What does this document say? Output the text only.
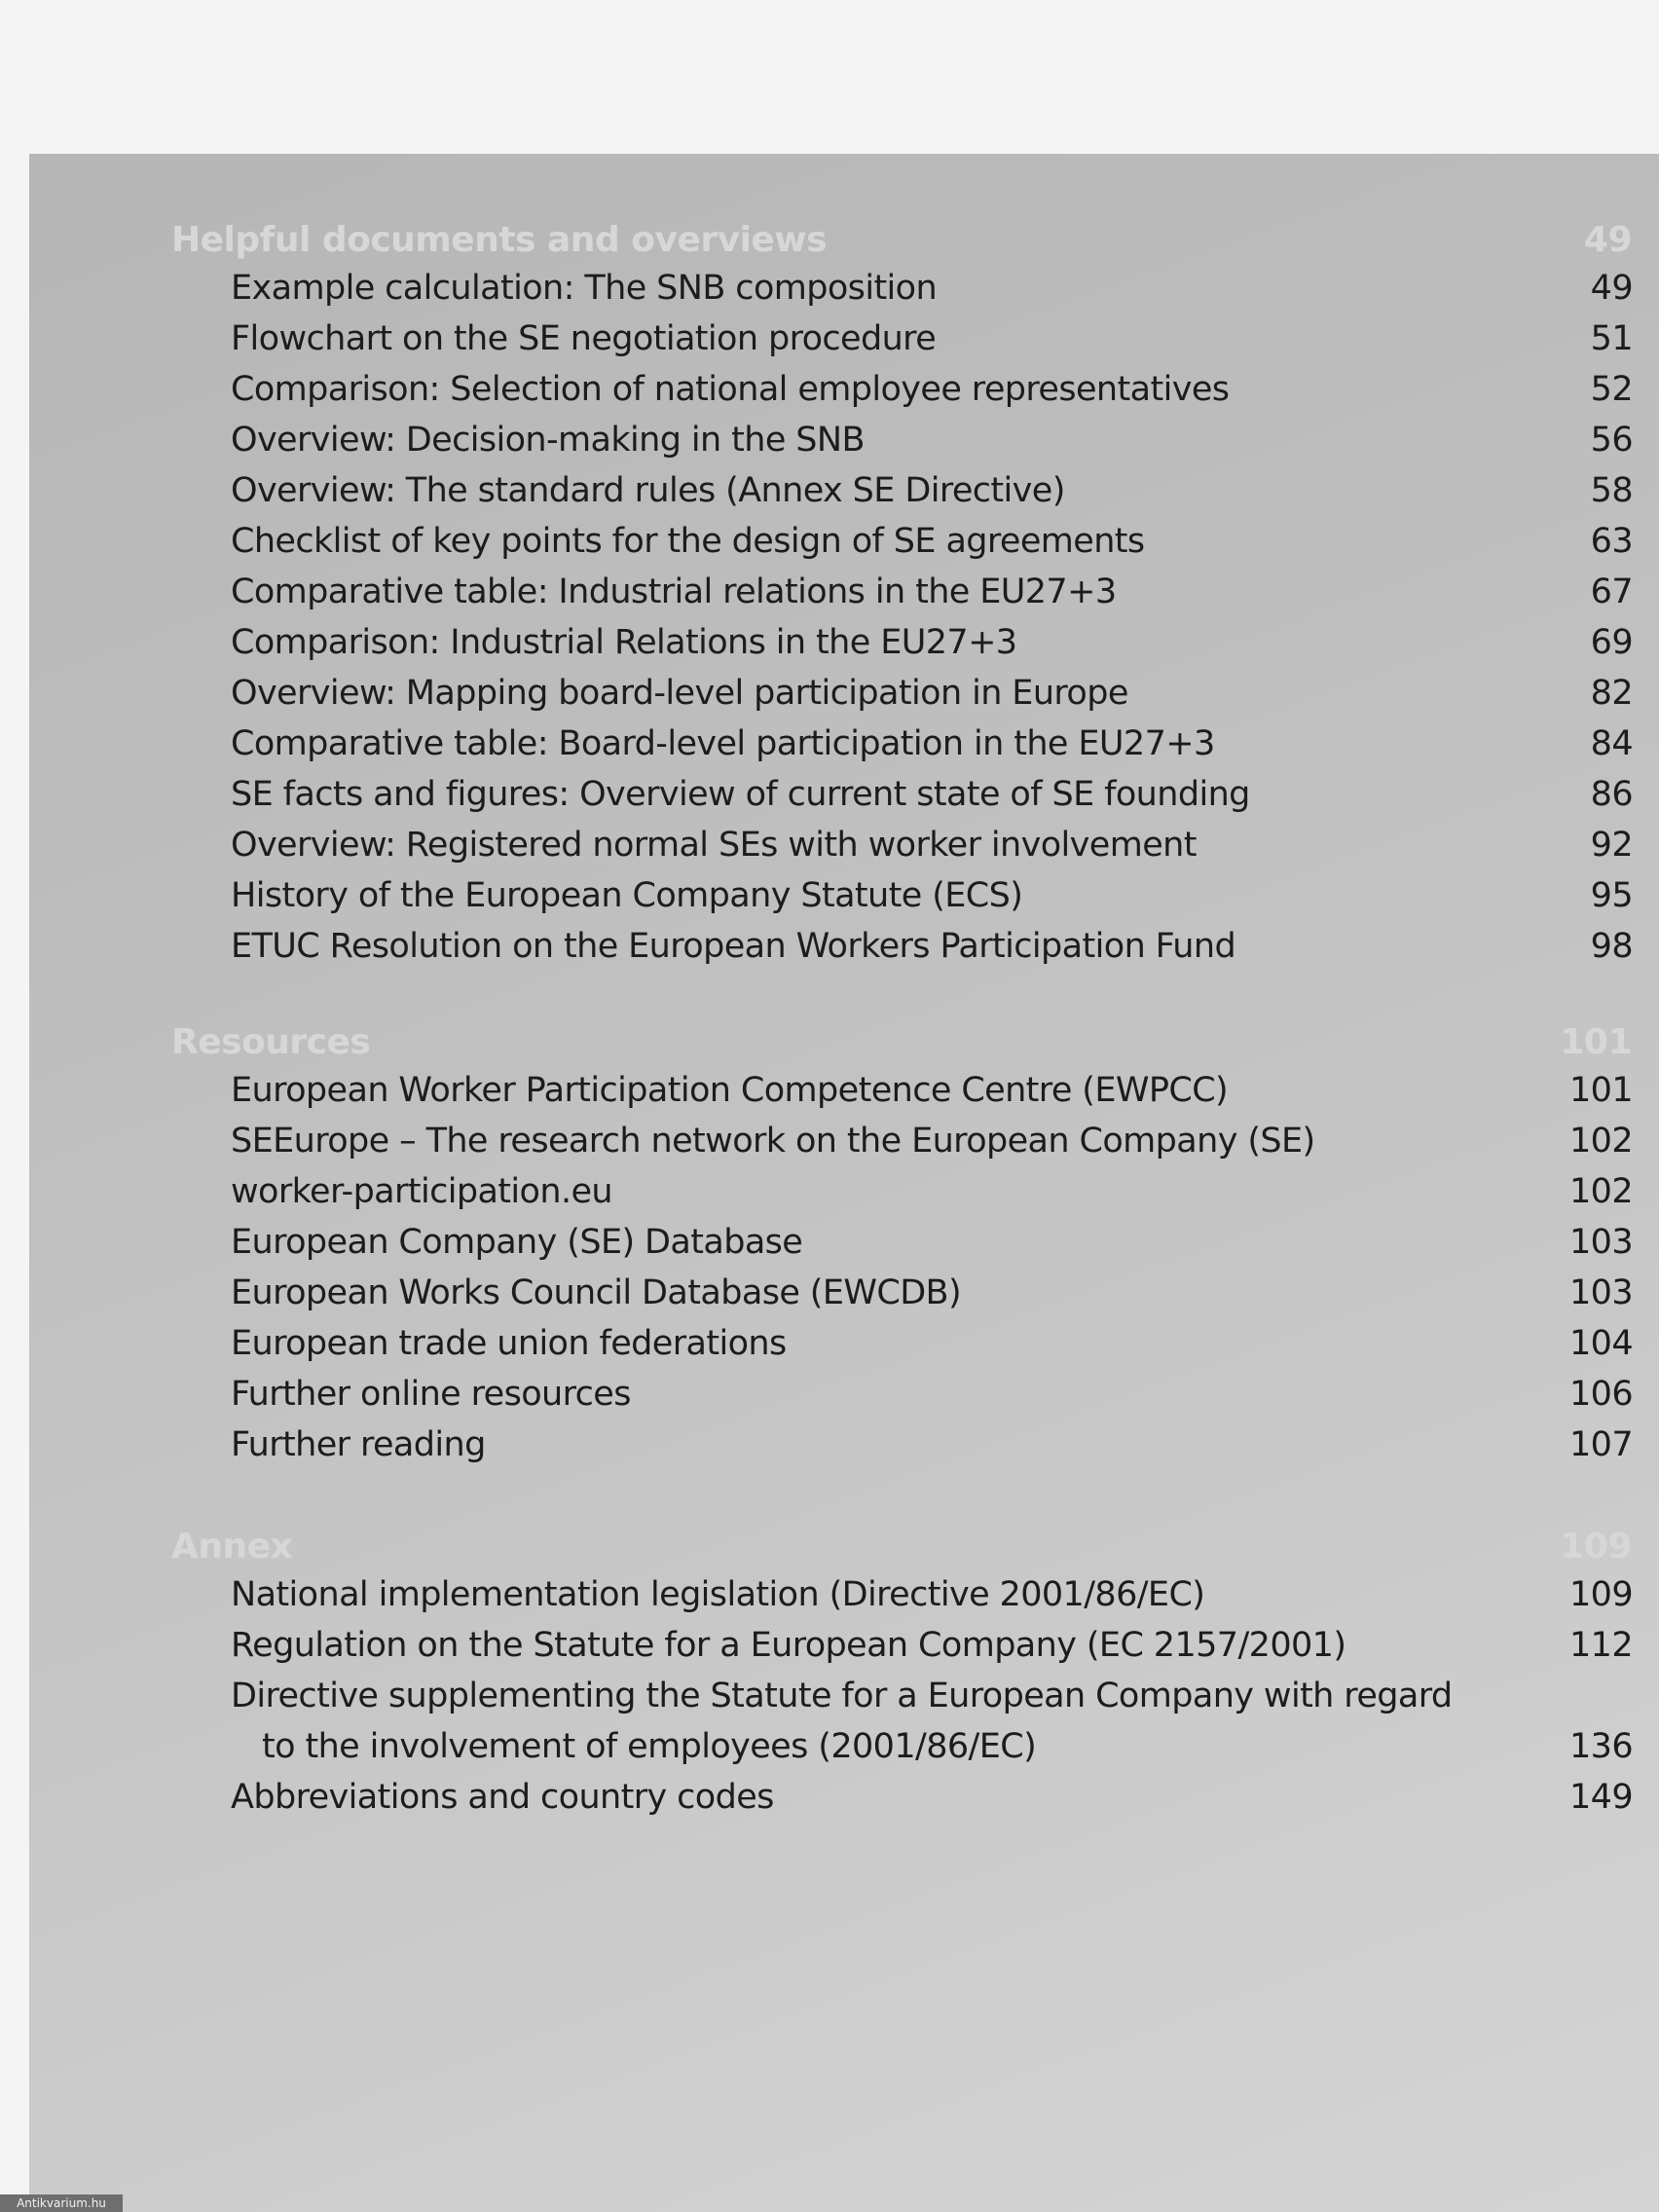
Helpful documents and overviews	49
Example calculation: The SNB composition	49
Flowchart on the SE negotiation procedure	51
Comparison: Selection of national employee representatives	52
Overview: Decision-making in the SNB	56
Overview: The standard rules (Annex SE Directive)	58
Checklist of key points for the design of SE agreements	63
Comparative table: Industrial relations in the EU27+3	67
Comparison: Industrial Relations in the EU27+3	69
Overview: Mapping board-level participation in Europe	82
Comparative table: Board-level participation in the EU27+3	84
SE facts and figures: Overview of current state of SE founding	86
Overview: Registered normal SEs with worker involvement	92
History of the European Company Statute (ECS)	95
ETUC Resolution on the European Workers Participation Fund	98
Resources	101
European Worker Participation Competence Centre (EWPCC)	101
SEEurope – The research network on the European Company (SE)	102
worker-participation.eu	102
European Company (SE) Database	103
European Works Council Database (EWCDB)	103
European trade union federations	104
Further online resources	106
Further reading	107
Annex	109
National implementation legislation (Directive 2001/86/EC)	109
Regulation on the Statute for a European Company (EC 2157/2001)	112
Directive supplementing the Statute for a European Company with regard
to the involvement of employees (2001/86/EC)	136
Abbreviations and country codes	149
Antikvarium.hu
